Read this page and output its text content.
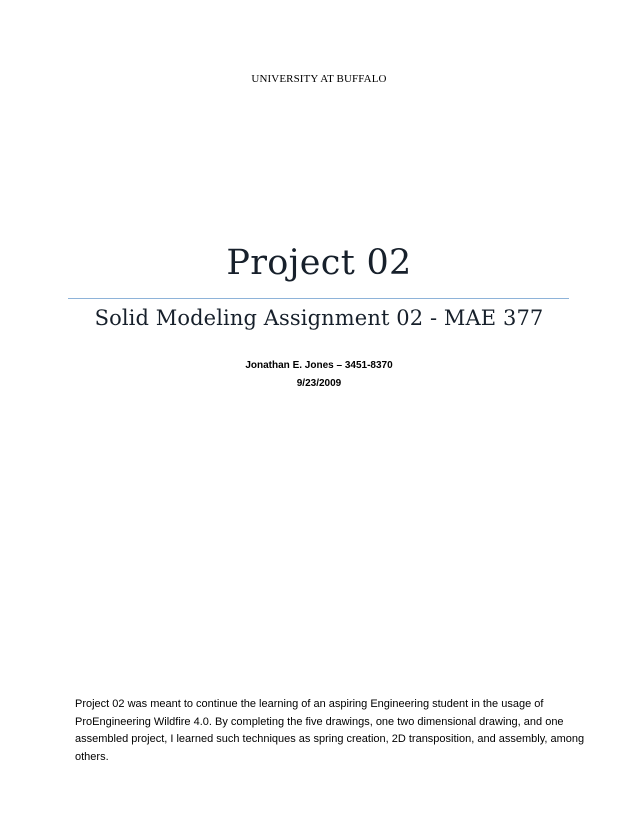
UNIVERSITY AT BUFFALO
Project 02
Solid Modeling Assignment 02 - MAE 377
Jonathan E. Jones – 3451-8370
9/23/2009
Project 02 was meant to continue the learning of an aspiring Engineering student in the usage of
ProEngineering Wildfire 4.0. By completing the five drawings, one two dimensional drawing, and one
assembled project, I learned such techniques as spring creation, 2D transposition, and assembly, among
others.
